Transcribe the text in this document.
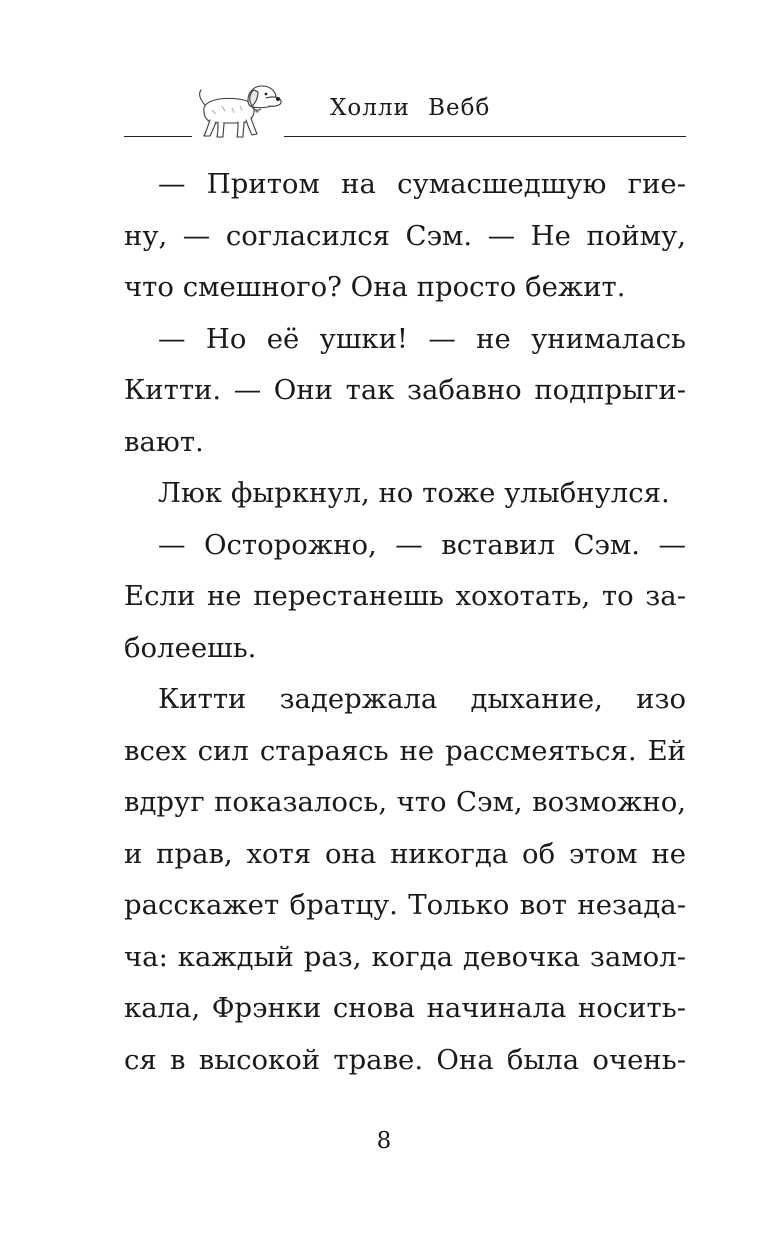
Холли Вебб
— Притом на сумасшедшую гие-
ну, — согласился Сэм. — Не пойму,
что смешного? Она просто бежит.
— Но её ушки! — не унималась
Китти. — Они так забавно подпрыги-
вают.
Люк фыркнул, но тоже улыбнулся.
— Осторожно, — вставил Сэм. —
Если не перестанешь хохотать, то за-
болеешь.
Китти задержала дыхание, изо
всех сил стараясь не рассмеяться. Ей
вдруг показалось, что Сэм, возможно,
и прав, хотя она никогда об этом не
расскажет братцу. Только вот незада-
ча: каждый раз, когда девочка замол-
кала, Фрэнки снова начинала носить-
ся в высокой траве. Она была очень-
8
